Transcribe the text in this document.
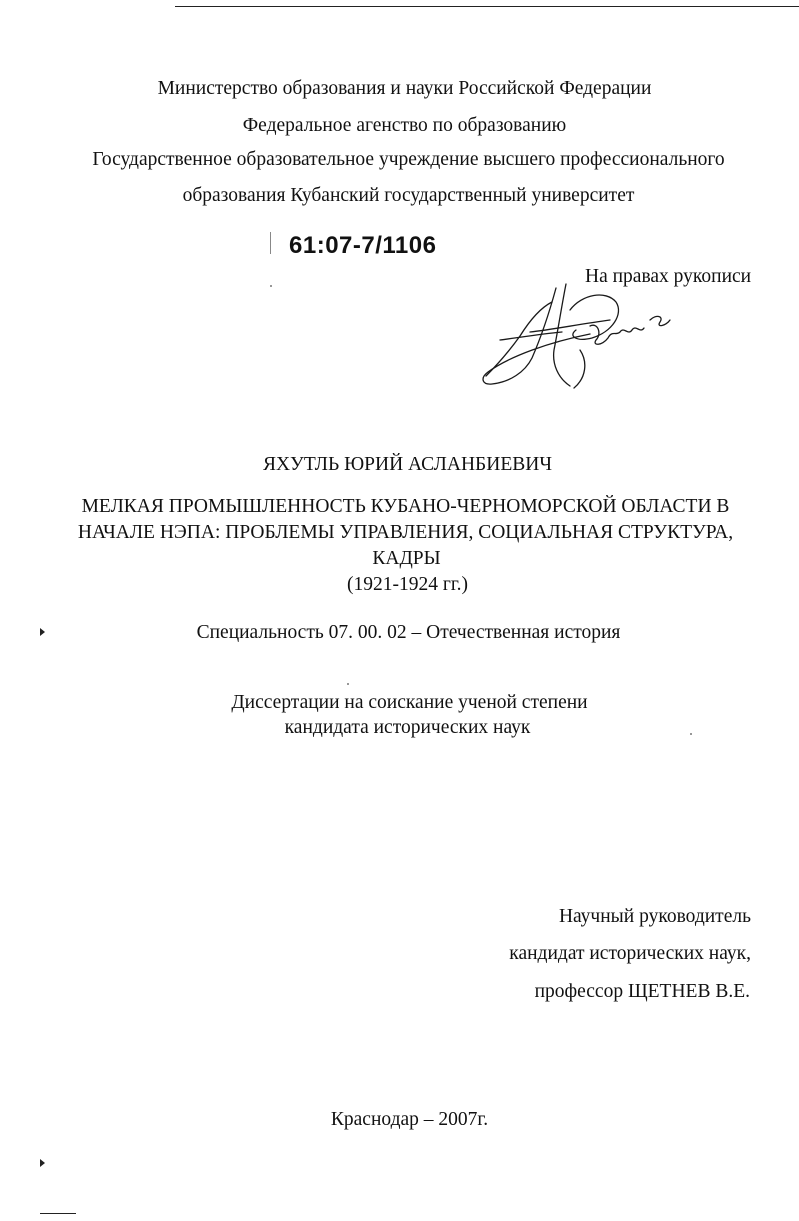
Министерство образования и науки Российской Федерации
Федеральное агенство по образованию
Государственное образовательное учреждение высшего профессионального
образования Кубанский государственный университет
61:07-7/1106
На правах рукописи
ЯХУТЛЬ ЮРИЙ АСЛАНБИЕВИЧ
МЕЛКАЯ ПРОМЫШЛЕННОСТЬ КУБАНО-ЧЕРНОМОРСКОЙ ОБЛАСТИ В
НАЧАЛЕ НЭПА: ПРОБЛЕМЫ УПРАВЛЕНИЯ, СОЦИАЛЬНАЯ СТРУКТУРА,
КАДРЫ
(1921-1924 гг.)
Специальность 07. 00. 02 – Отечественная история
Диссертации на соискание ученой степени
кандидата исторических наук
Научный руководитель
кандидат исторических наук,
профессор ЩЕТНЕВ В.Е.
Краснодар – 2007г.
